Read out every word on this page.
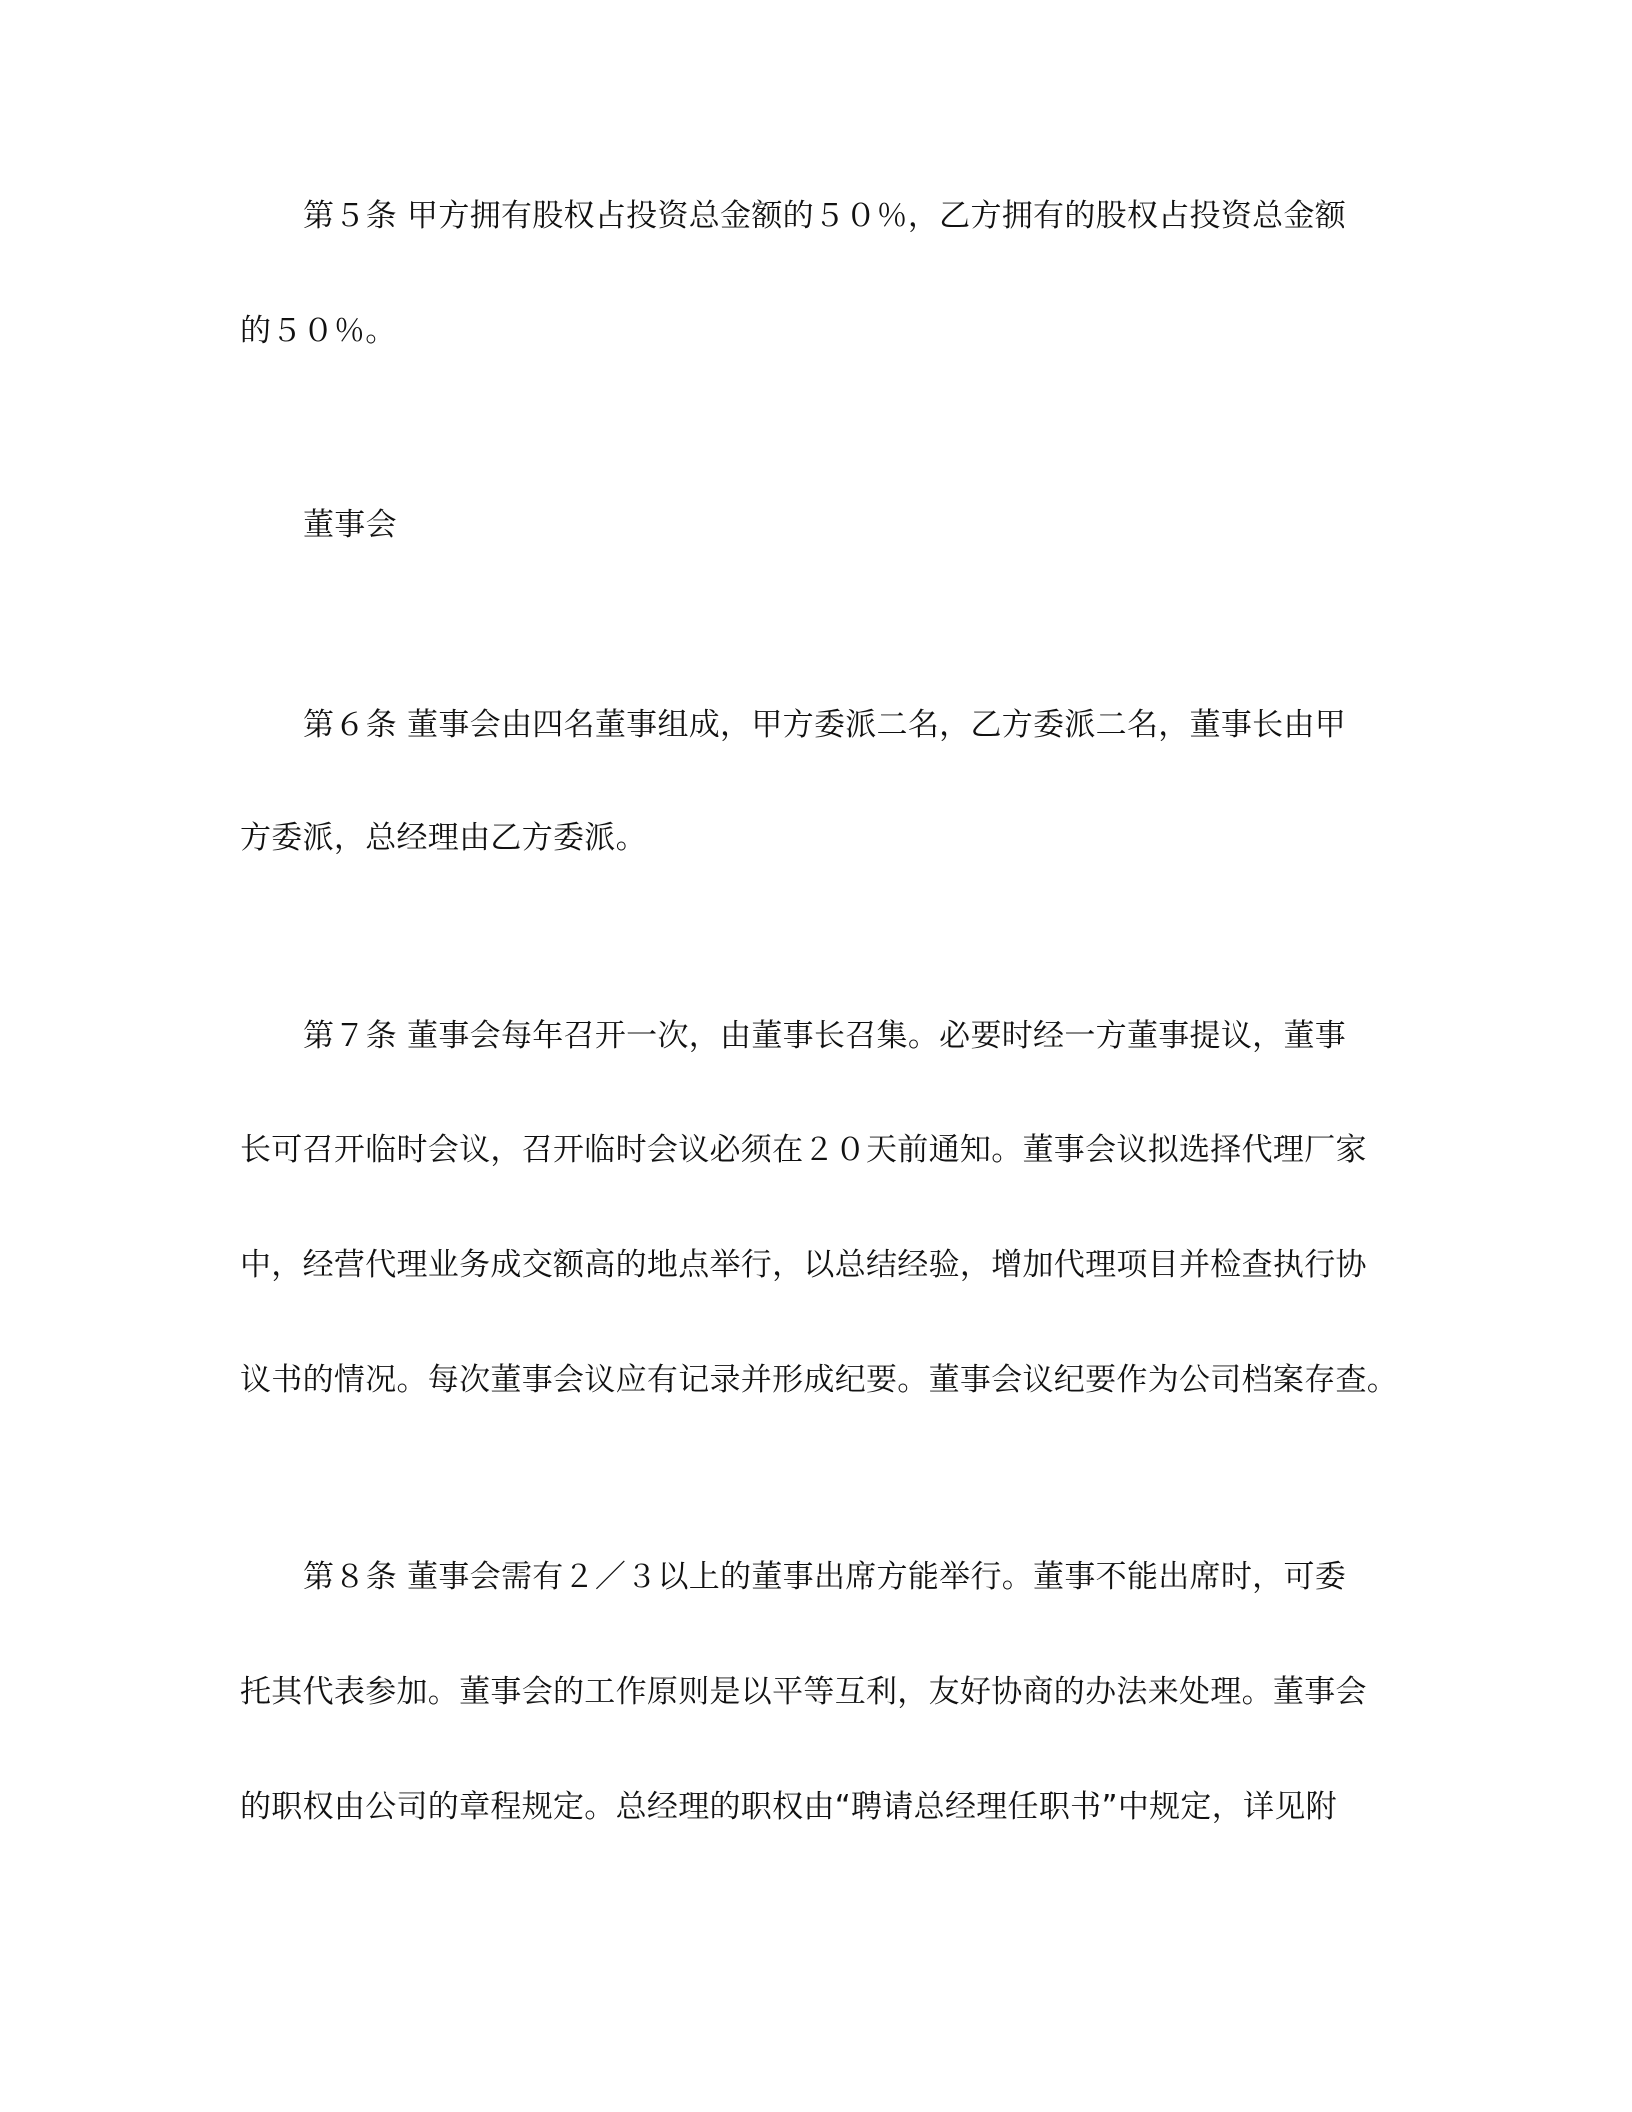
第５条 甲方拥有股权占投资总金额的５０％，乙方拥有的股权占投资总金额
的５０％。
董事会
第６条 董事会由四名董事组成，甲方委派二名，乙方委派二名，董事长由甲
方委派，总经理由乙方委派。
第７条 董事会每年召开一次，由董事长召集。必要时经一方董事提议，董事
长可召开临时会议，召开临时会议必须在２０天前通知。董事会议拟选择代理厂家
中，经营代理业务成交额高的地点举行，以总结经验，增加代理项目并检查执行协
议书的情况。每次董事会议应有记录并形成纪要。董事会议纪要作为公司档案存查。
第８条 董事会需有２／３以上的董事出席方能举行。董事不能出席时，可委
托其代表参加。董事会的工作原则是以平等互利，友好协商的办法来处理。董事会
的职权由公司的章程规定。总经理的职权由“聘请总经理任职书”中规定，详见附
